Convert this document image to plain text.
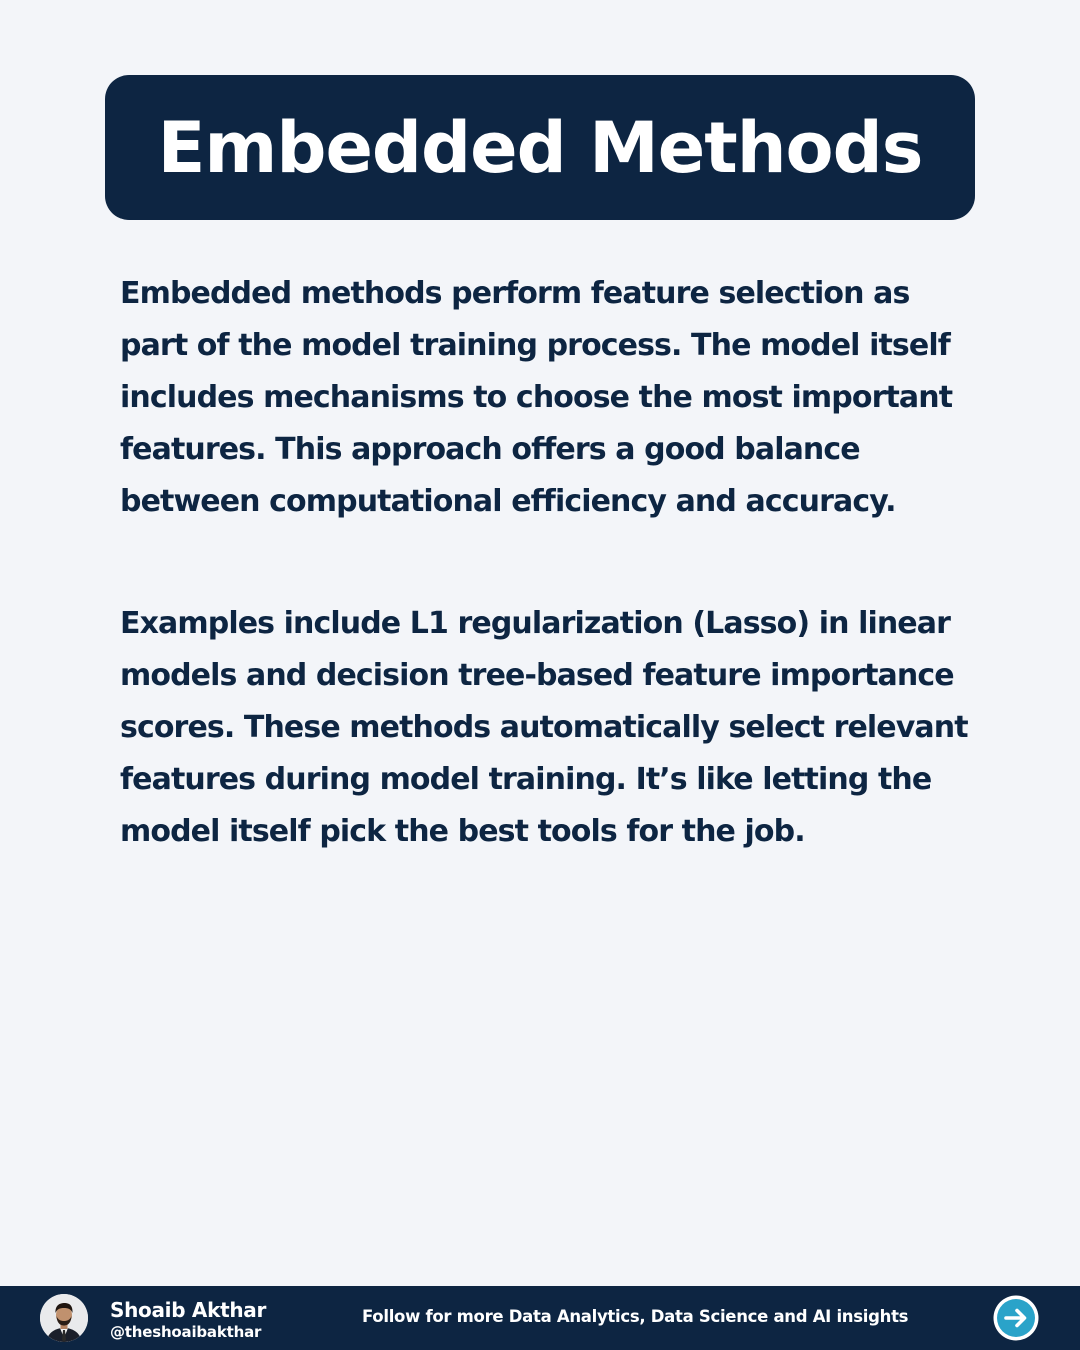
Embedded Methods

Embedded methods perform feature selection as part of the model training process. The model itself includes mechanisms to choose the most important features. This approach offers a good balance between computational efficiency and accuracy.

Examples include L1 regularization (Lasso) in linear models and decision tree-based feature importance scores. These methods automatically select relevant features during model training. It’s like letting the model itself pick the best tools for the job.

Shoaib Akthar
@theshoaibakthar
Follow for more Data Analytics, Data Science and AI insights
